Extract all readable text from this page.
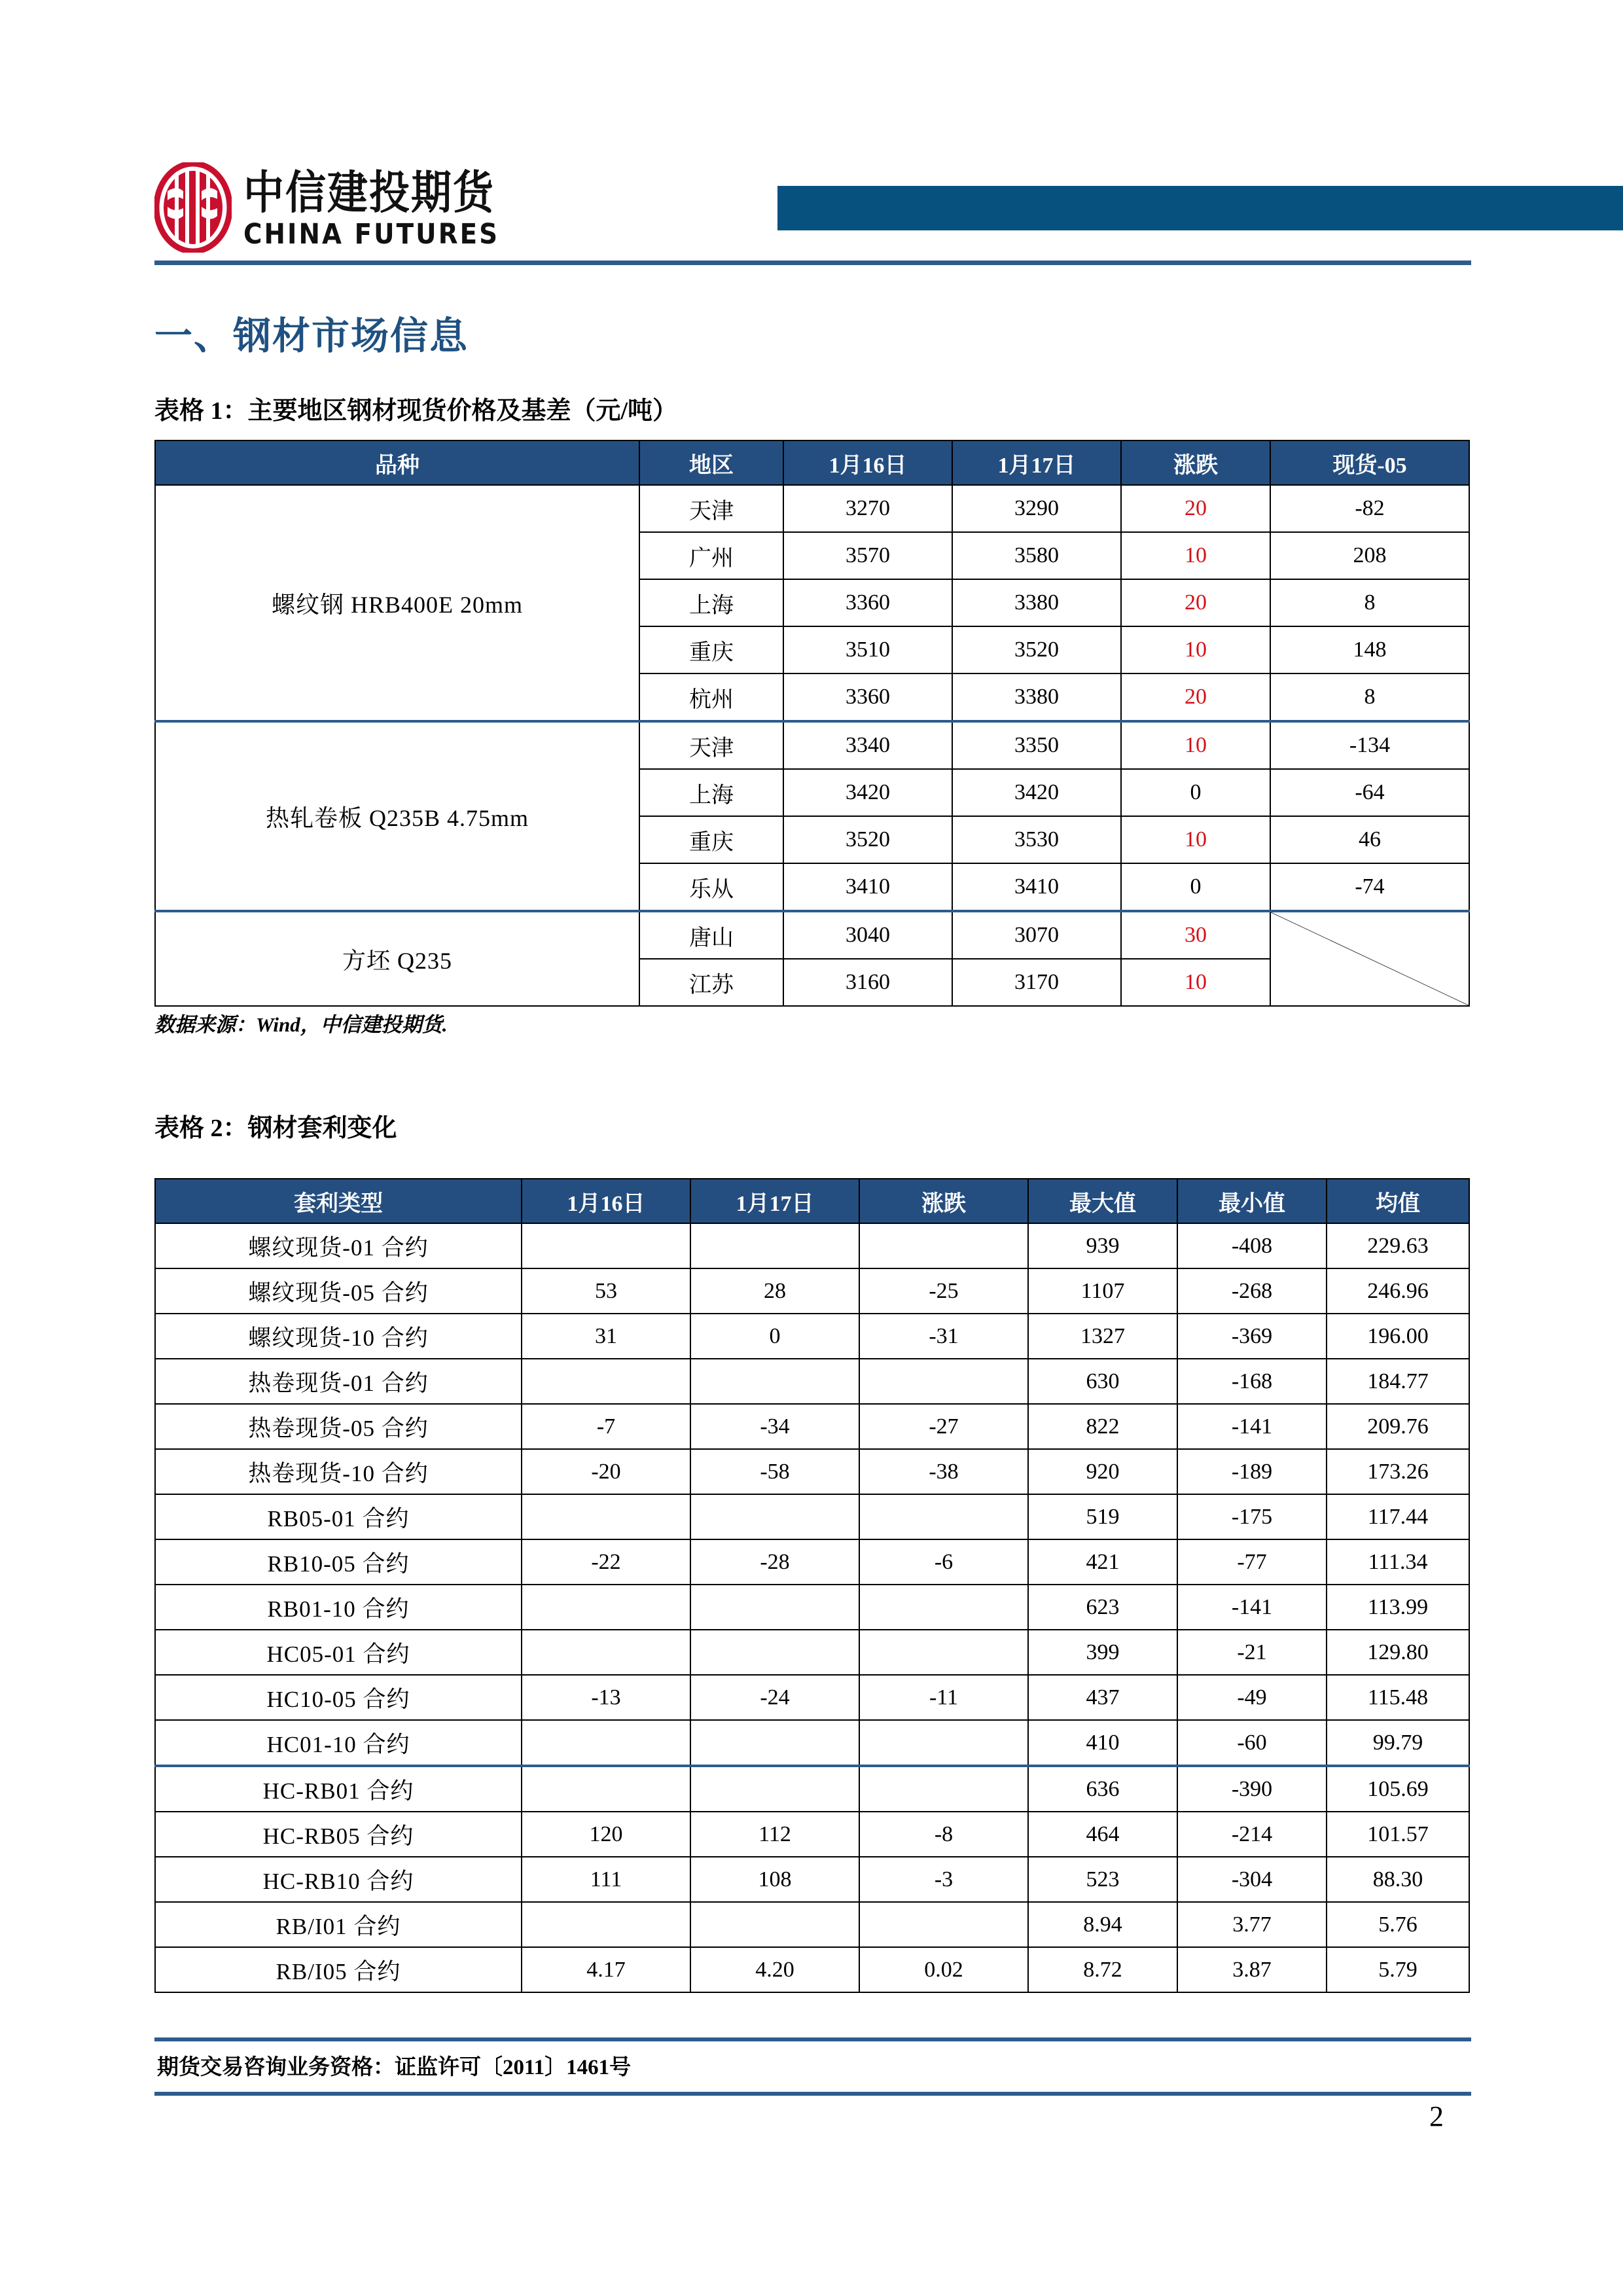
中信建投期货
CHINA FUTURES
一、钢材市场信息
表格 1：主要地区钢材现货价格及基差（元/吨）
品种	地区	1月16日	1月17日	涨跌	现货-05
螺纹钢 HRB400E 20mm	天津	3270	3290	20	-82
	广州	3570	3580	10	208
	上海	3360	3380	20	8
	重庆	3510	3520	10	148
	杭州	3360	3380	20	8
热轧卷板 Q235B 4.75mm	天津	3340	3350	10	-134
	上海	3420	3420	0	-64
	重庆	3520	3530	10	46
	乐从	3410	3410	0	-74
方坯 Q235	唐山	3040	3070	30	

	江苏	3160	3170	10	
数据来源：Wind，中信建投期货.
表格 2：钢材套利变化
套利类型	1月16日	1月17日	涨跌	最大值	最小值	均值
螺纹现货-01 合约				939	-408	229.63
螺纹现货-05 合约	53	28	-25	1107	-268	246.96
螺纹现货-10 合约	31	0	-31	1327	-369	196.00
热卷现货-01 合约				630	-168	184.77
热卷现货-05 合约	-7	-34	-27	822	-141	209.76
热卷现货-10 合约	-20	-58	-38	920	-189	173.26
RB05-01 合约				519	-175	117.44
RB10-05 合约	-22	-28	-6	421	-77	111.34
RB01-10 合约				623	-141	113.99
HC05-01 合约				399	-21	129.80
HC10-05 合约	-13	-24	-11	437	-49	115.48
HC01-10 合约				410	-60	99.79
HC-RB01 合约				636	-390	105.69
HC-RB05 合约	120	112	-8	464	-214	101.57
HC-RB10 合约	111	108	-3	523	-304	88.30
RB/I01 合约				8.94	3.77	5.76
RB/I05 合约	4.17	4.20	0.02	8.72	3.87	5.79
期货交易咨询业务资格：证监许可〔2011〕1461号
2
